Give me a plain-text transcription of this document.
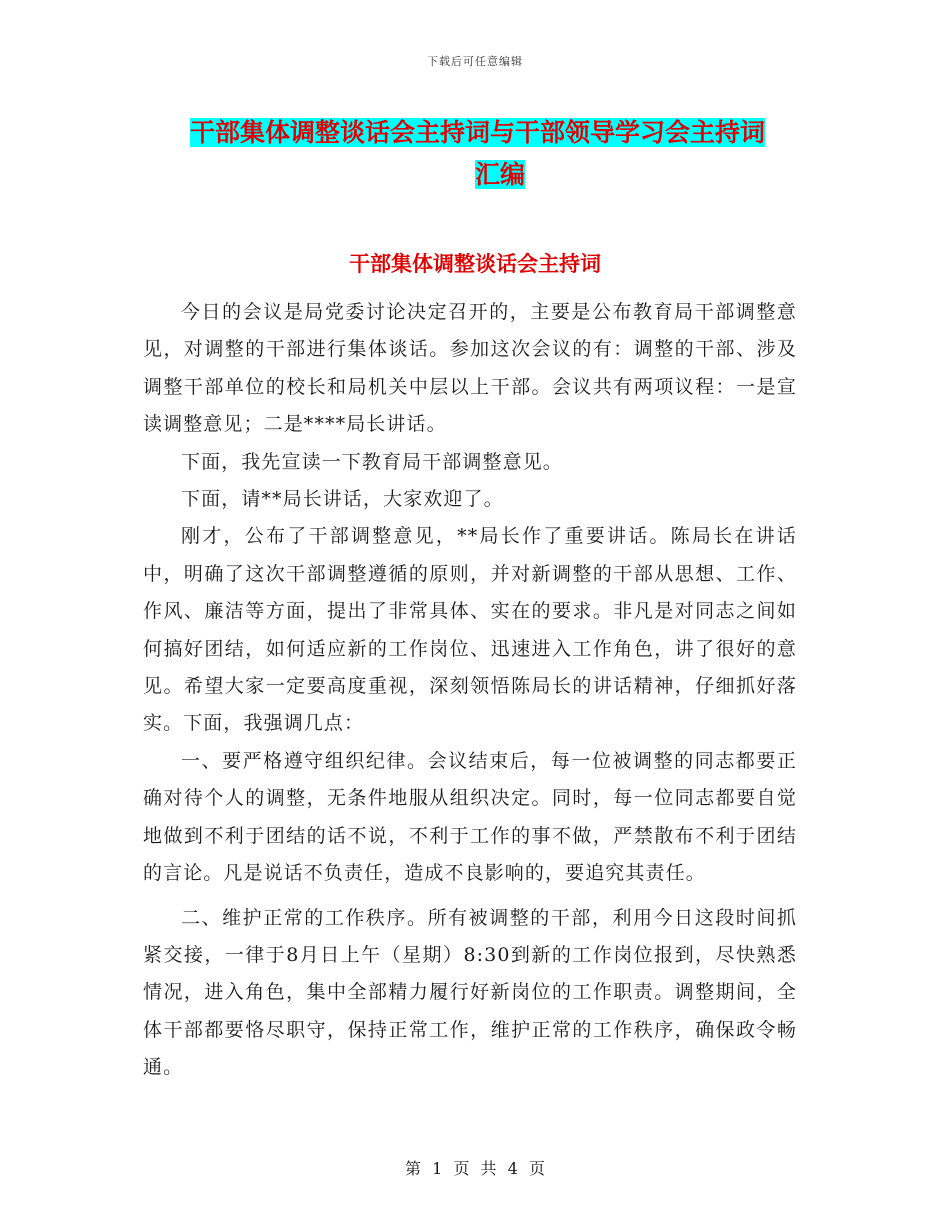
下载后可任意编辑
干部集体调整谈话会主持词与干部领导学习会主持词
汇编
干部集体调整谈话会主持词

今日的会议是局党委讨论决定召开的，主要是公布教育局干部调整意见，对调整的干部进行集体谈话。参加这次会议的有：调整的干部、涉及调整干部单位的校长和局机关中层以上干部。会议共有两项议程：一是宣读调整意见；二是****局长讲话。

下面，我先宣读一下教育局干部调整意见。

下面，请**局长讲话，大家欢迎了。

刚才，公布了干部调整意见，**局长作了重要讲话。陈局长在讲话中，明确了这次干部调整遵循的原则，并对新调整的干部从思想、工作、作风、廉洁等方面，提出了非常具体、实在的要求。非凡是对同志之间如何搞好团结，如何适应新的工作岗位、迅速进入工作角色，讲了很好的意见。希望大家一定要高度重视，深刻领悟陈局长的讲话精神，仔细抓好落实。下面，我强调几点：

一、要严格遵守组织纪律。会议结束后，每一位被调整的同志都要正确对待个人的调整，无条件地服从组织决定。同时，每一位同志都要自觉地做到不利于团结的话不说，不利于工作的事不做，严禁散布不利于团结的言论。凡是说话不负责任，造成不良影响的，要追究其责任。

二、维护正常的工作秩序。所有被调整的干部，利用今日这段时间抓紧交接，一律于8月日上午（星期）8:30到新的工作岗位报到，尽快熟悉情况，进入角色，集中全部精力履行好新岗位的工作职责。调整期间，全体干部都要恪尽职守，保持正常工作，维护正常的工作秩序，确保政令畅通。

第 1 页 共 4 页
